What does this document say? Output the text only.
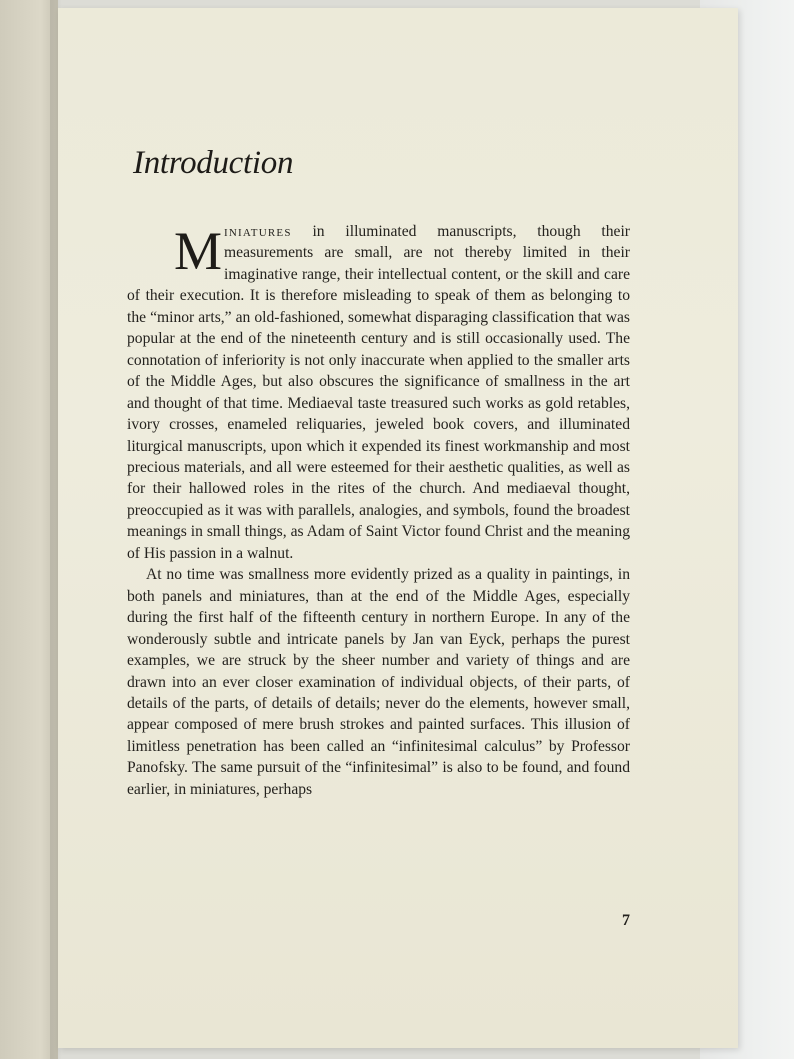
Introduction

Miniatures in illuminated manuscripts, though their measurements are small, are not thereby limited in their imaginative range, their intellectual content, or the skill and care of their execution. It is therefore misleading to speak of them as belonging to the “minor arts,” an old-fashioned, somewhat disparaging classification that was popular at the end of the nineteenth century and is still occasionally used. The connotation of inferiority is not only inaccurate when applied to the smaller arts of the Middle Ages, but also obscures the significance of smallness in the art and thought of that time. Mediaeval taste treasured such works as gold retables, ivory crosses, enameled reliquaries, jeweled book covers, and illuminated liturgical manuscripts, upon which it expended its finest workmanship and most precious materials, and all were esteemed for their aesthetic qualities, as well as for their hallowed roles in the rites of the church. And mediaeval thought, preoccupied as it was with parallels, analogies, and symbols, found the broadest meanings in small things, as Adam of Saint Victor found Christ and the meaning of His passion in a walnut.

At no time was smallness more evidently prized as a quality in paintings, in both panels and miniatures, than at the end of the Middle Ages, especially during the first half of the fifteenth century in northern Europe. In any of the wonderously subtle and intricate panels by Jan van Eyck, perhaps the purest examples, we are struck by the sheer number and variety of things and are drawn into an ever closer examination of individual objects, of their parts, of details of the parts, of details of details; never do the elements, however small, appear composed of mere brush strokes and painted surfaces. This illusion of limitless penetration has been called an “infinitesimal calculus” by Professor Panofsky. The same pursuit of the “infinitesimal” is also to be found, and found earlier, in miniatures, perhaps

7
